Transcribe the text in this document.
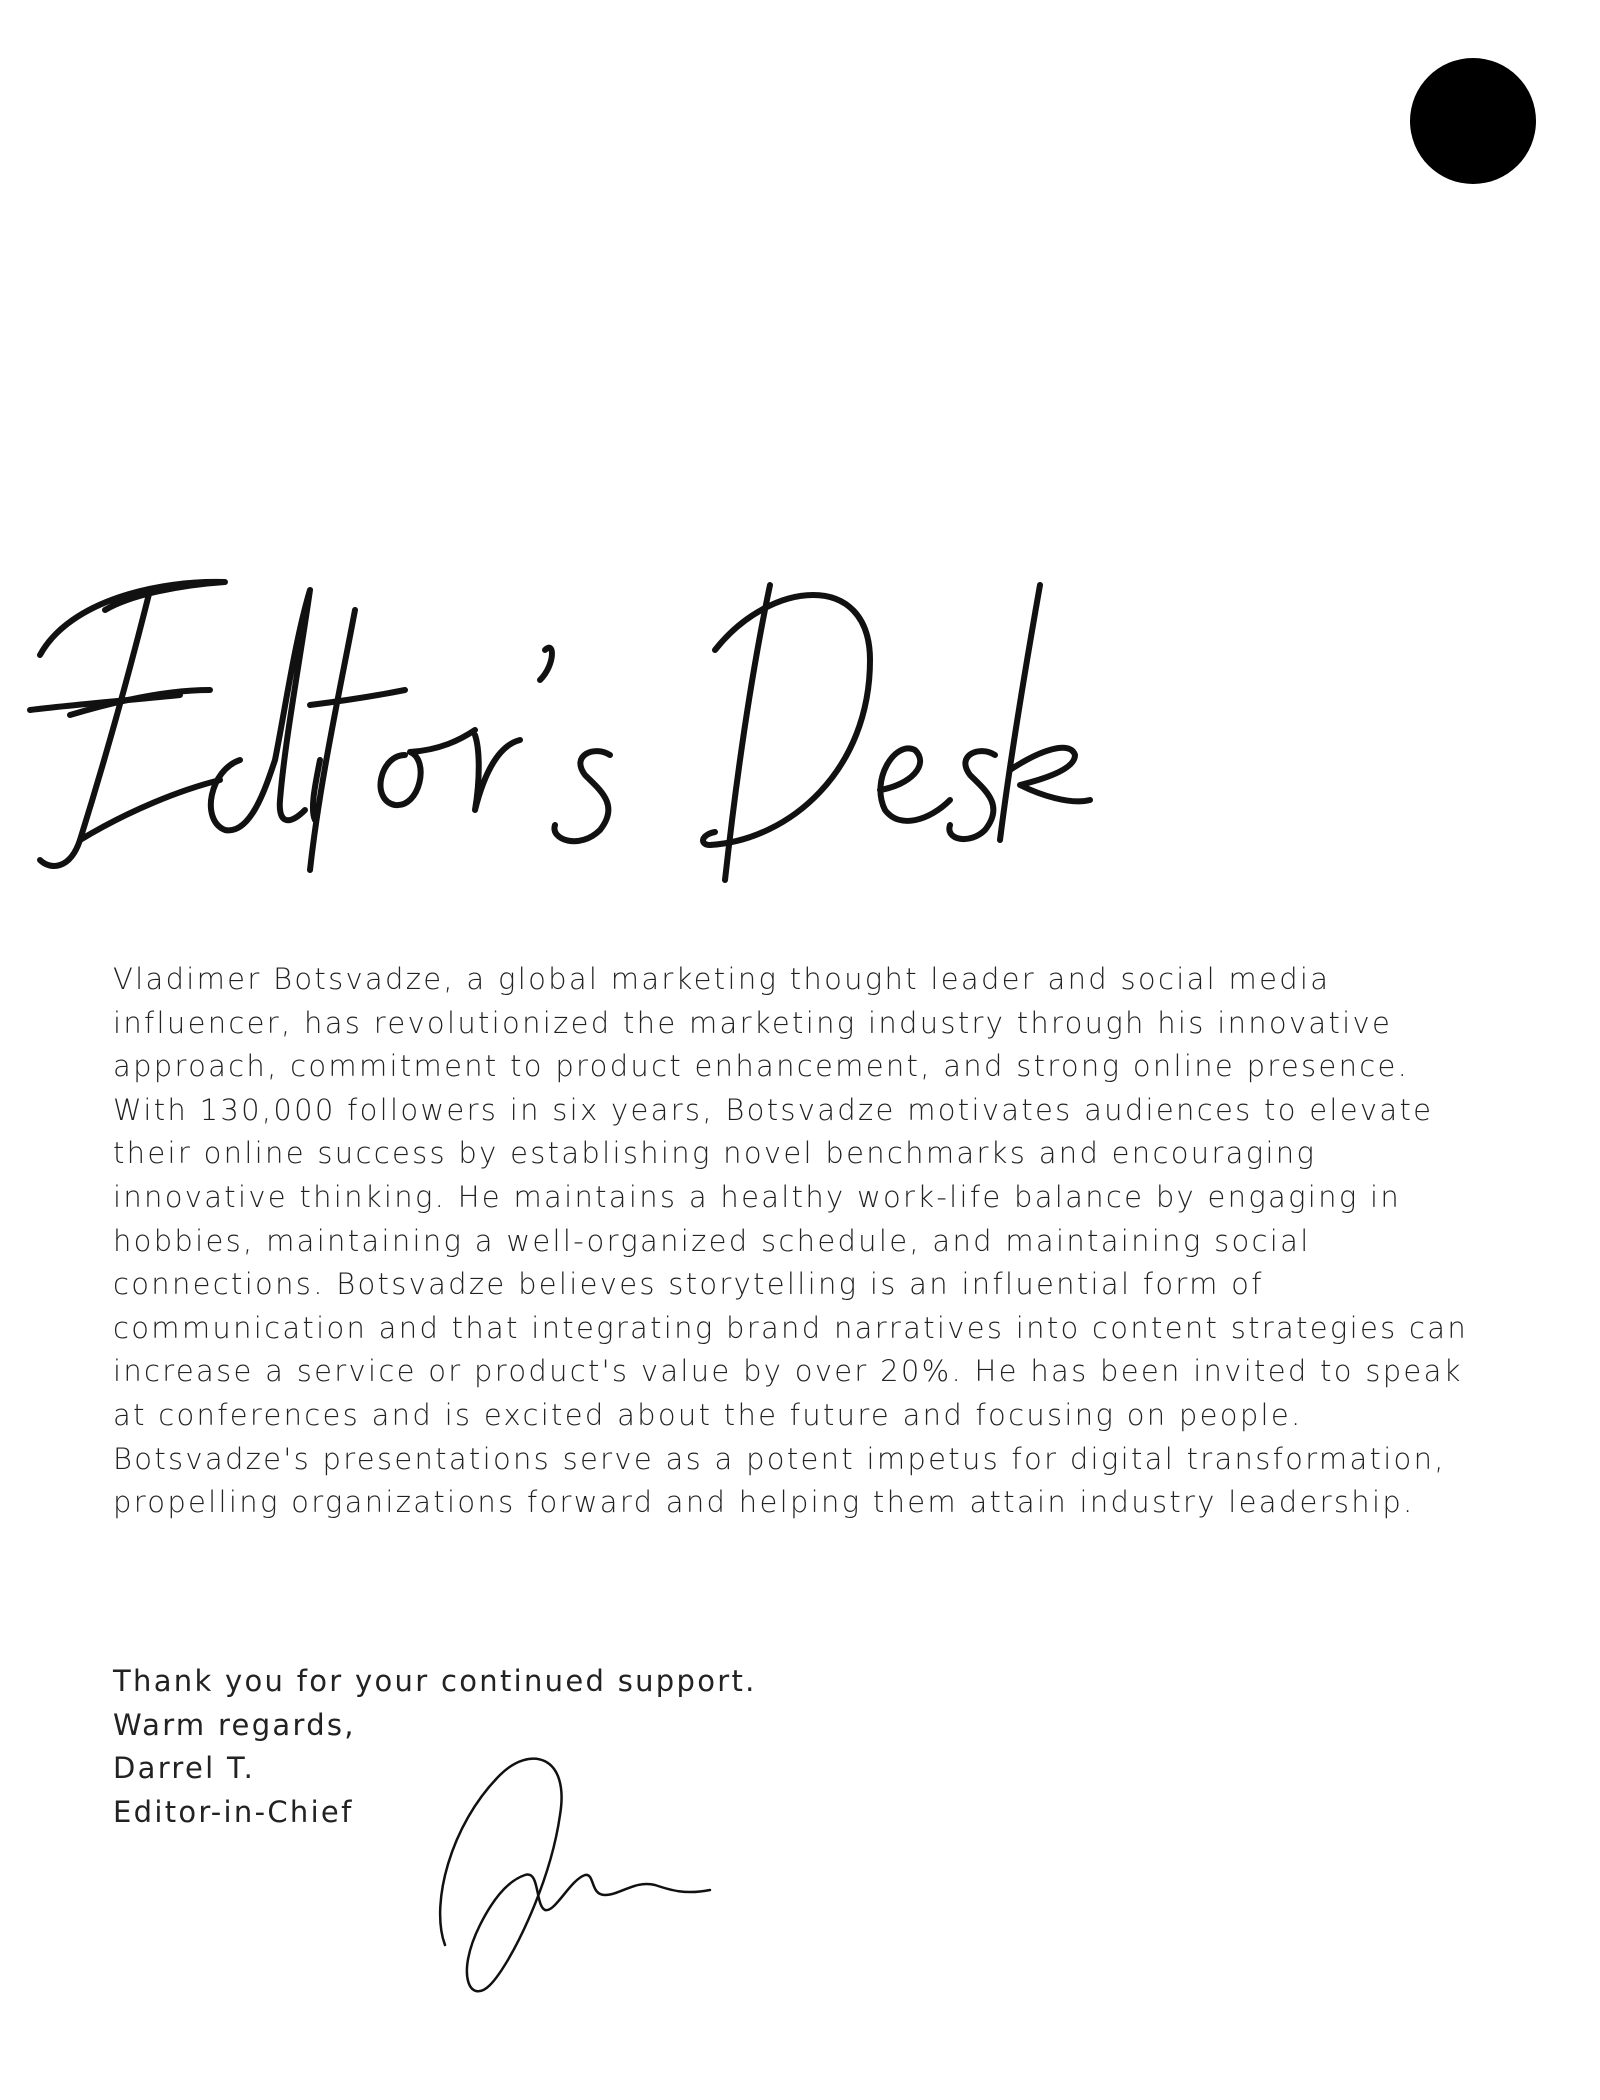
Vladimer Botsvadze, a global marketing thought leader and social media influencer, has revolutionized the marketing industry through his innovative approach, commitment to product enhancement, and strong online presence. With 130,000 followers in six years, Botsvadze motivates audiences to elevate their online success by establishing novel benchmarks and encouraging innovative thinking. He maintains a healthy work-life balance by engaging in hobbies, maintaining a well-organized schedule, and maintaining social connections. Botsvadze believes storytelling is an influential form of communication and that integrating brand narratives into content strategies can increase a service or product's value by over 20%. He has been invited to speak at conferences and is excited about the future and focusing on people. Botsvadze's presentations serve as a potent impetus for digital transformation, propelling organizations forward and helping them attain industry leadership.

Thank you for your continued support.
Warm regards,
Darrel T.
Editor-in-Chief
